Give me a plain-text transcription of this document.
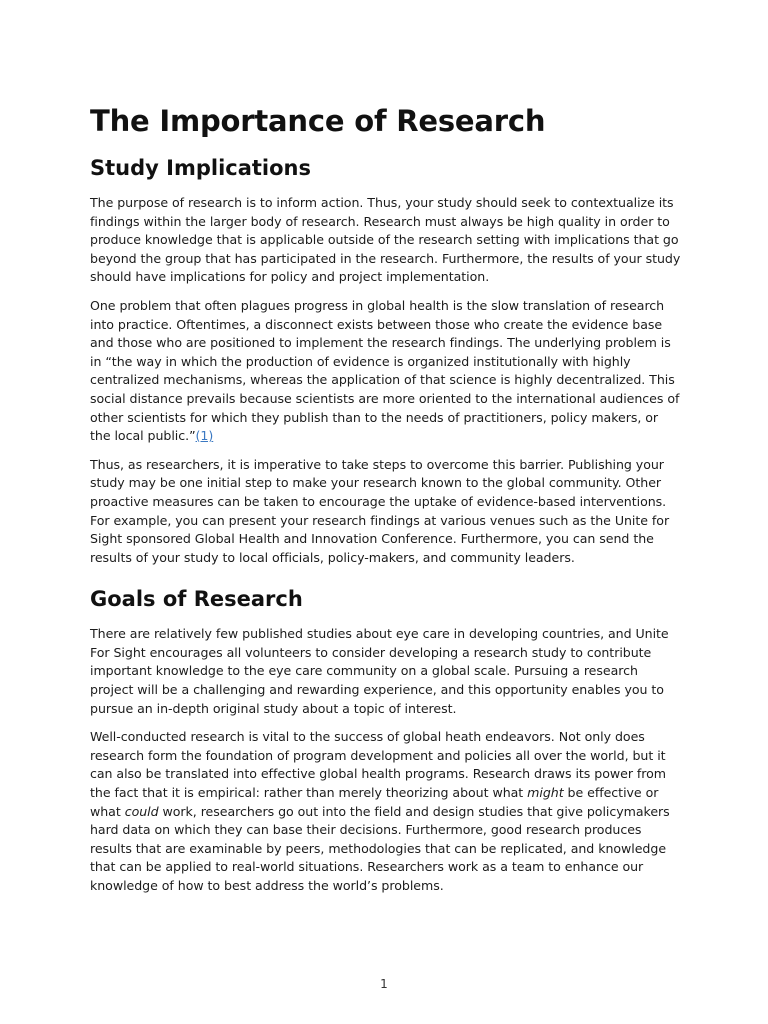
The Importance of Research
Study Implications

The purpose of research is to inform action. Thus, your study should seek to contextualize its findings within the larger body of research. Research must always be high quality in order to produce knowledge that is applicable outside of the research setting with implications that go beyond the group that has participated in the research. Furthermore, the results of your study should have implications for policy and project implementation.

One problem that often plagues progress in global health is the slow translation of research into practice. Oftentimes, a disconnect exists between those who create the evidence base and those who are positioned to implement the research findings. The underlying problem is in “the way in which the production of evidence is organized institutionally with highly centralized mechanisms, whereas the application of that science is highly decentralized. This social distance prevails because scientists are more oriented to the international audiences of other scientists for which they publish than to the needs of practitioners, policy makers, or the local public.”(1)

Thus, as researchers, it is imperative to take steps to overcome this barrier. Publishing your study may be one initial step to make your research known to the global community. Other proactive measures can be taken to encourage the uptake of evidence-based interventions. For example, you can present your research findings at various venues such as the Unite for Sight sponsored Global Health and Innovation Conference. Furthermore, you can send the results of your study to local officials, policy-makers, and community leaders.

Goals of Research

There are relatively few published studies about eye care in developing countries, and Unite For Sight encourages all volunteers to consider developing a research study to contribute important knowledge to the eye care community on a global scale. Pursuing a research project will be a challenging and rewarding experience, and this opportunity enables you to pursue an in-depth original study about a topic of interest.

Well-conducted research is vital to the success of global heath endeavors. Not only does research form the foundation of program development and policies all over the world, but it can also be translated into effective global health programs. Research draws its power from the fact that it is empirical: rather than merely theorizing about what might be effective or what could work, researchers go out into the field and design studies that give policymakers hard data on which they can base their decisions. Furthermore, good research produces results that are examinable by peers, methodologies that can be replicated, and knowledge that can be applied to real-world situations. Researchers work as a team to enhance our knowledge of how to best address the world’s problems.

1
